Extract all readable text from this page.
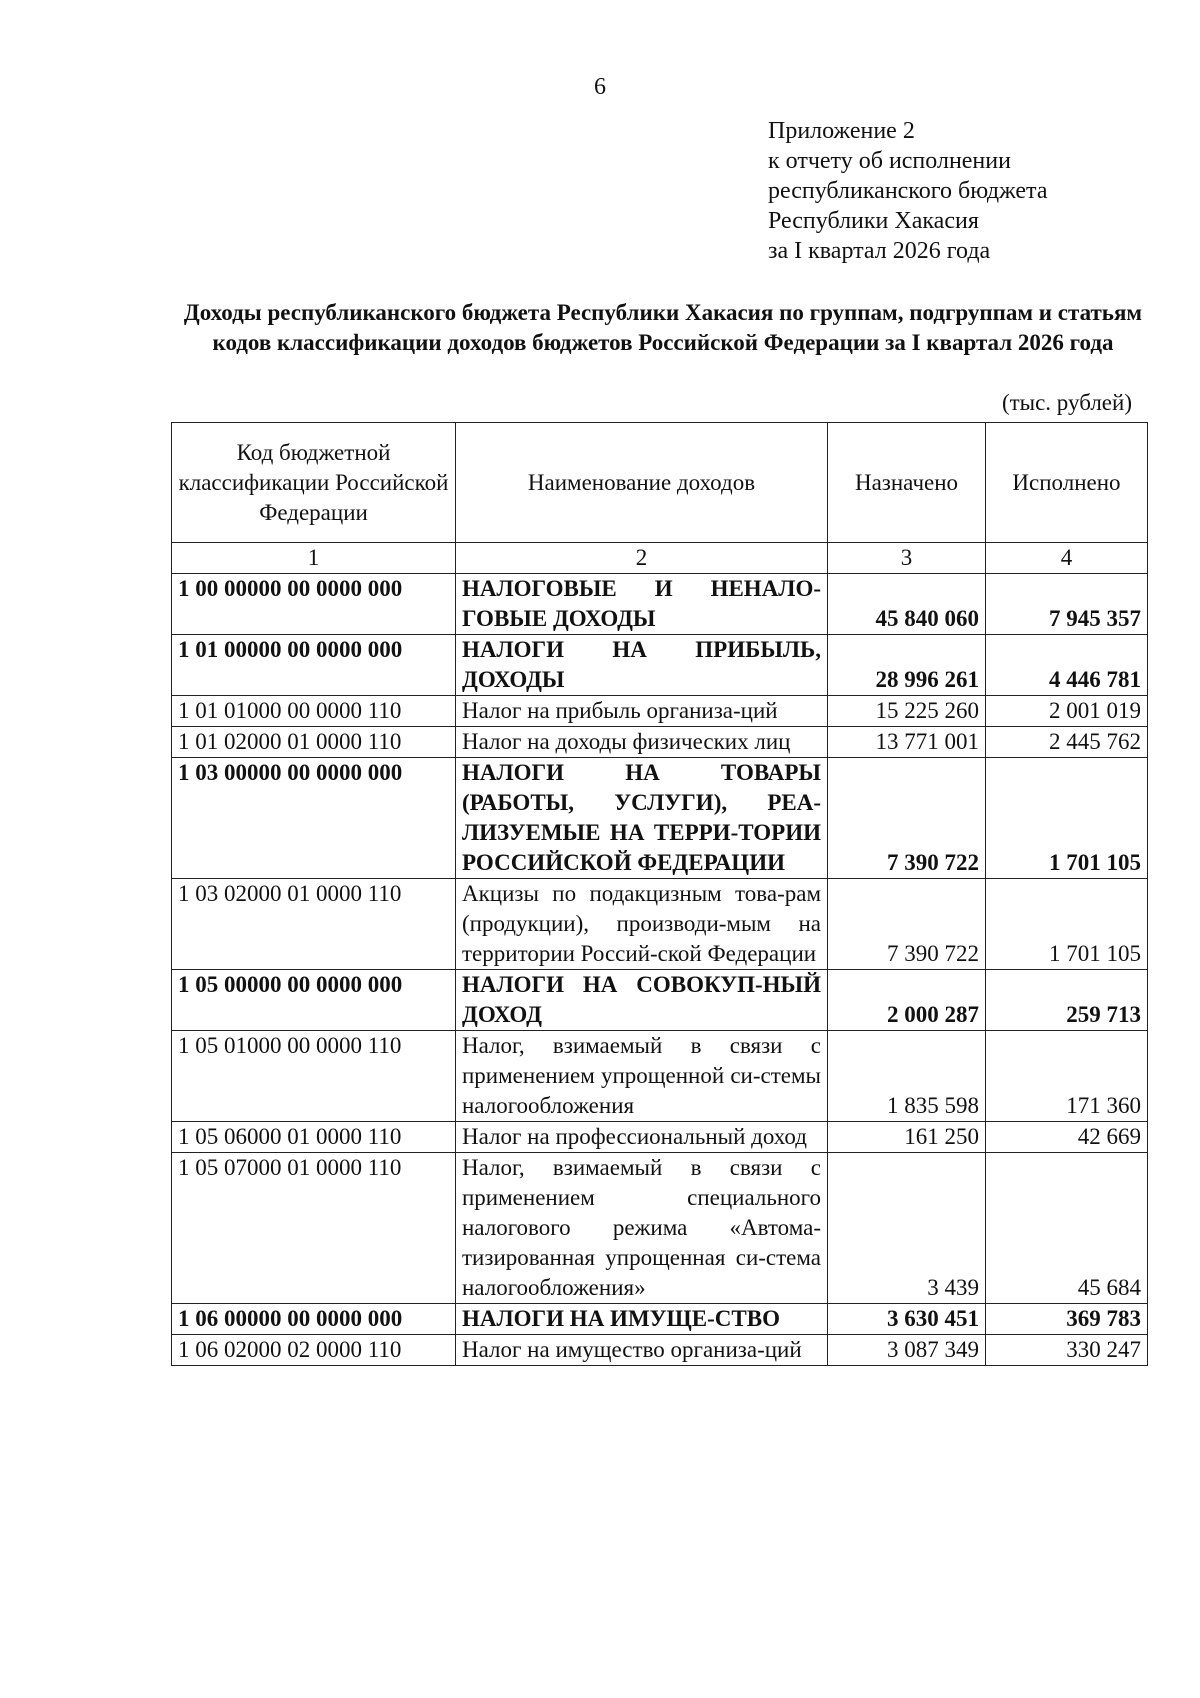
6
Приложение 2
к отчету об исполнении
республиканского бюджета
Республики Хакасия
за I квартал 2026 года
Доходы республиканского бюджета Республики Хакасия по группам, подгруппам и статьям кодов классификации доходов бюджетов Российской Федерации за I квартал 2026 года
(тыс. рублей)
Код бюджетной классификации Российской Федерации	Наименование доходов	Назначено	Исполнено
1	2	3	4
1 00 00000 00 0000 000	НАЛОГОВЫЕ И НЕНАЛО-ГОВЫЕ ДОХОДЫ	45 840 060	7 945 357
1 01 00000 00 0000 000	НАЛОГИ НА ПРИБЫЛЬ, ДОХОДЫ	28 996 261	4 446 781
1 01 01000 00 0000 110	Налог на прибыль организа-ций	15 225 260	2 001 019
1 01 02000 01 0000 110	Налог на доходы физических лиц	13 771 001	2 445 762
1 03 00000 00 0000 000	НАЛОГИ НА ТОВАРЫ (РАБОТЫ, УСЛУГИ), РЕА-ЛИЗУЕМЫЕ НА ТЕРРИ-ТОРИИ РОССИЙСКОЙ ФЕДЕРАЦИИ	7 390 722	1 701 105
1 03 02000 01 0000 110	Акцизы по подакцизным това-рам (продукции), производи-мым на территории Россий-ской Федерации	7 390 722	1 701 105
1 05 00000 00 0000 000	НАЛОГИ НА СОВОКУП-НЫЙ ДОХОД	2 000 287	259 713
1 05 01000 00 0000 110	Налог, взимаемый в связи с применением упрощенной си-стемы налогообложения	1 835 598	171 360
1 05 06000 01 0000 110	Налог на профессиональный доход	161 250	42 669
1 05 07000 01 0000 110	Налог, взимаемый в связи с применением специального налогового режима «Автома-тизированная упрощенная си-стема налогообложения»	3 439	45 684
1 06 00000 00 0000 000	НАЛОГИ НА ИМУЩЕ-СТВО	3 630 451	369 783
1 06 02000 02 0000 110	Налог на имущество организа-ций	3 087 349	330 247
